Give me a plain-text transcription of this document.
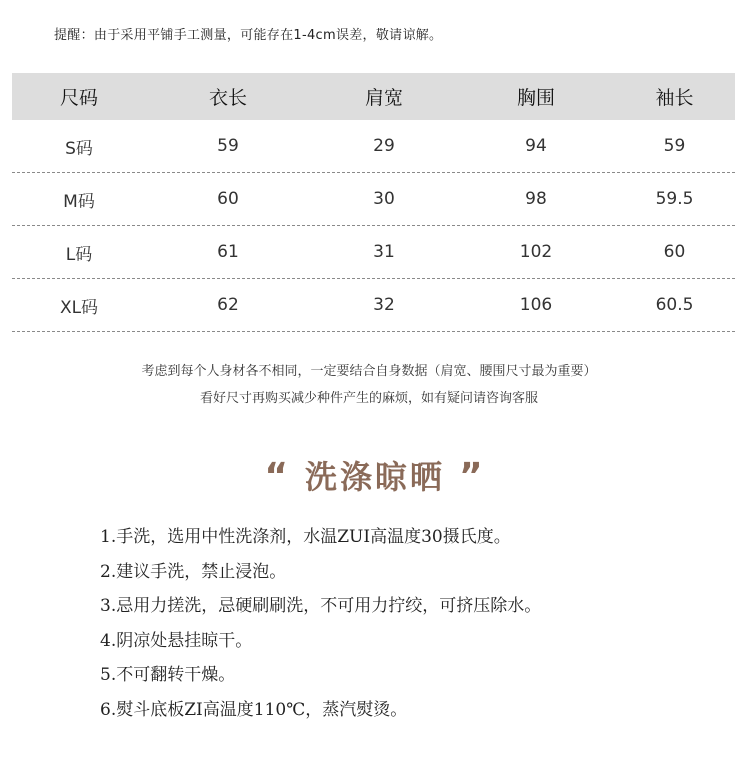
提醒：由于采用平铺手工测量，可能存在1-4cm误差，敬请谅解。
尺码	衣长	肩宽	胸围	袖长
S码	59	29	94	59
M码	60	30	98	59.5
L码	61	31	102	60
XL码	62	32	106	60.5
考虑到每个人身材各不相同，一定要结合自身数据（肩宽、腰围尺寸最为重要）
看好尺寸再购买减少种件产生的麻烦，如有疑问请咨询客服
“ 洗涤晾晒 ”
1.手洗，选用中性洗涤剂，水温ZUI高温度30摄氏度。
2.建议手洗，禁止浸泡。
3.忌用力搓洗，忌硬刷刷洗，不可用力拧绞，可挤压除水。
4.阴凉处悬挂晾干。
5.不可翻转干燥。
6.熨斗底板ZI高温度110℃，蒸汽熨烫。
